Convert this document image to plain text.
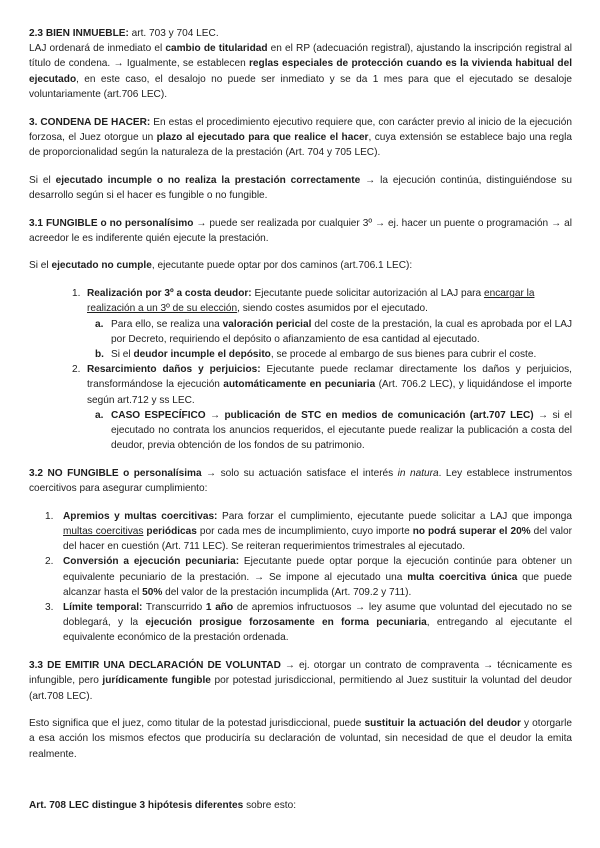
2.3 BIEN INMUEBLE: art. 703 y 704 LEC.
LAJ ordenará de inmediato el cambio de titularidad en el RP (adecuación registral), ajustando la inscripción registral al título de condena. → Igualmente, se establecen reglas especiales de protección cuando es la vivienda habitual del ejecutado, en este caso, el desalojo no puede ser inmediato y se da 1 mes para que el ejecutado se desaloje voluntariamente (art.706 LEC).

3. CONDENA DE HACER: En estas el procedimiento ejecutivo requiere que, con carácter previo al inicio de la ejecución forzosa, el Juez otorgue un plazo al ejecutado para que realice el hacer, cuya extensión se establece bajo una regla de proporcionalidad según la naturaleza de la prestación (Art. 704 y 705 LEC).

Si el ejecutado incumple o no realiza la prestación correctamente → la ejecución continúa, distinguiéndose su desarrollo según si el hacer es fungible o no fungible.

3.1 FUNGIBLE o no personalísimo → puede ser realizada por cualquier 3º → ej. hacer un puente o programación → al acreedor le es indiferente quién ejecute la prestación.

Si el ejecutado no cumple, ejecutante puede optar por dos caminos (art.706.1 LEC):

1. Realización por 3º a costa deudor: Ejecutante puede solicitar autorización al LAJ para encargar la realización a un 3º de su elección, siendo costes asumidos por el ejecutado.
a. Para ello, se realiza una valoración pericial del coste de la prestación, la cual es aprobada por el LAJ por Decreto, requiriendo el depósito o afianzamiento de esa cantidad al ejecutado.
b. Si el deudor incumple el depósito, se procede al embargo de sus bienes para cubrir el coste.
2. Resarcimiento daños y perjuicios: Ejecutante puede reclamar directamente los daños y perjuicios, transformándose la ejecución automáticamente en pecuniaria (Art. 706.2 LEC), y liquidándose el importe según art.712 y ss LEC.
a. CASO ESPECÍFICO → publicación de STC en medios de comunicación (art.707 LEC) → si el ejecutado no contrata los anuncios requeridos, el ejecutante puede realizar la publicación a costa del deudor, previa obtención de los fondos de su patrimonio.

3.2 NO FUNGIBLE o personalísima → solo su actuación satisface el interés in natura. Ley establece instrumentos coercitivos para asegurar cumplimiento:

1. Apremios y multas coercitivas: Para forzar el cumplimiento, ejecutante puede solicitar a LAJ que imponga multas coercitivas periódicas por cada mes de incumplimiento, cuyo importe no podrá superar el 20% del valor del hacer en cuestión (Art. 711 LEC). Se reiteran requerimientos trimestrales al ejecutado.
2. Conversión a ejecución pecuniaria: Ejecutante puede optar porque la ejecución continúe para obtener un equivalente pecuniario de la prestación. → Se impone al ejecutado una multa coercitiva única que puede alcanzar hasta el 50% del valor de la prestación incumplida (Art. 709.2 y 711).
3. Límite temporal: Transcurrido 1 año de apremios infructuosos → ley asume que voluntad del ejecutado no se doblegará, y la ejecución prosigue forzosamente en forma pecuniaria, entregando al ejecutante el equivalente económico de la prestación ordenada.

3.3 DE EMITIR UNA DECLARACIÓN DE VOLUNTAD → ej. otorgar un contrato de compraventa → técnicamente es infungible, pero jurídicamente fungible por potestad jurisdiccional, permitiendo al Juez sustituir la voluntad del deudor (art.708 LEC).

Esto significa que el juez, como titular de la potestad jurisdiccional, puede sustituir la actuación del deudor y otorgarle a esa acción los mismos efectos que produciría su declaración de voluntad, sin necesidad de que el deudor la emita realmente.

Art. 708 LEC distingue 3 hipótesis diferentes sobre esto:
